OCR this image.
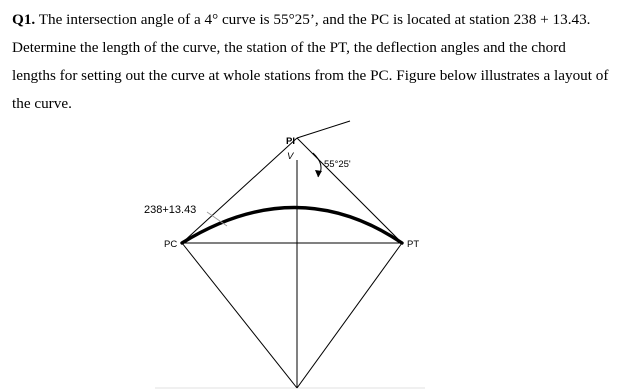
Q1. The intersection angle of a 4° curve is 55°25’, and the PC is located at station 238 + 13.43. Determine the length of the curve, the station of the PT, the deflection angles and the chord lengths for setting out the curve at whole stations from the PC. Figure below illustrates a layout of the curve.

PI
V
55°25'
238+13.43
PC	PT
